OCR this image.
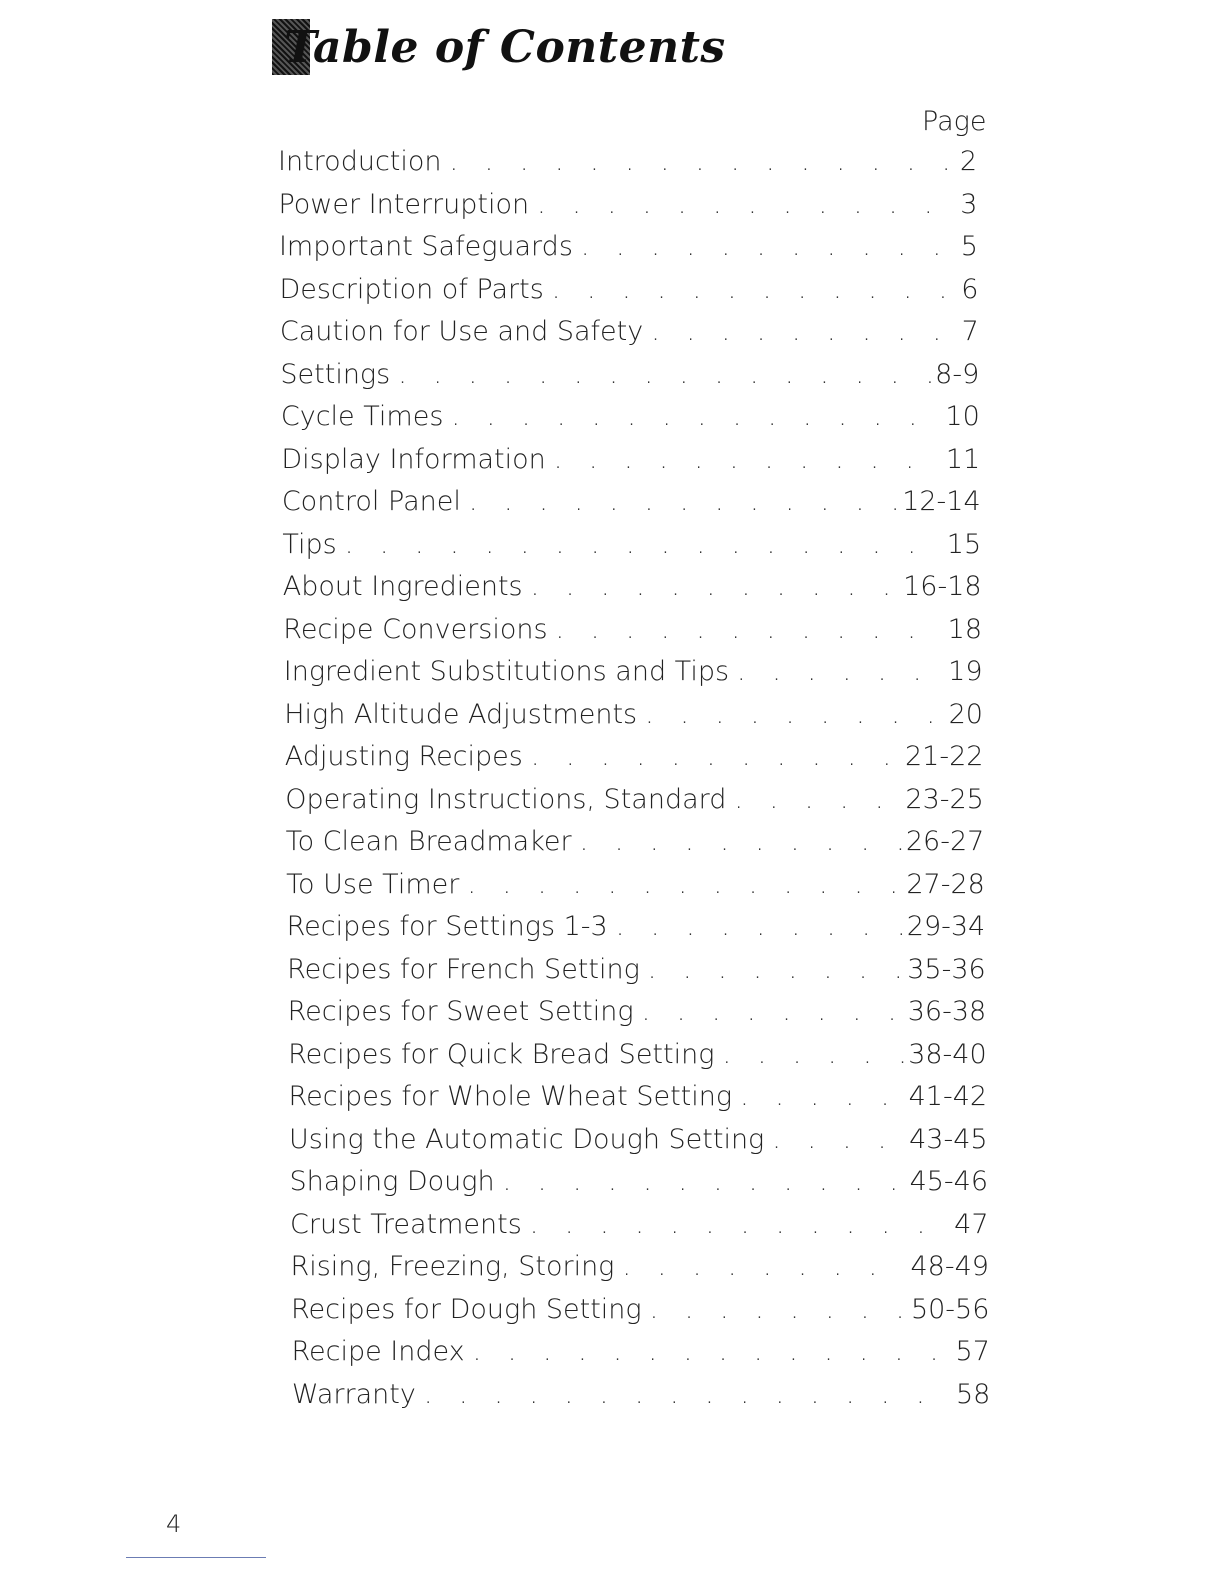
Table of Contents
Page
Introduction . . .	2
Power Interruption . . .	3
Important Safeguards . . .	5
Description of Parts . . .	6
Caution for Use and Safety . . .	7
Settings . . .	8-9
Cycle Times . . .	10
Display Information . . .	11
Control Panel . . .	12-14
Tips . . .	15
About Ingredients . . .	16-18
Recipe Conversions . . .	18
Ingredient Substitutions and Tips . . .	19
High Altitude Adjustments . . .	20
Adjusting Recipes . . .	21-22
Operating Instructions, Standard . . .	23-25
To Clean Breadmaker . . .	26-27
To Use Timer . . .	27-28
Recipes for Settings 1-3 . . .	29-34
Recipes for French Setting . . .	35-36
Recipes for Sweet Setting . . .	36-38
Recipes for Quick Bread Setting . . .	38-40
Recipes for Whole Wheat Setting . . .	41-42
Using the Automatic Dough Setting . . .	43-45
Shaping Dough . . .	45-46
Crust Treatments . . .	47
Rising, Freezing, Storing . . .	48-49
Recipes for Dough Setting . . .	50-56
Recipe Index . . .	57
Warranty . . .	58
4
